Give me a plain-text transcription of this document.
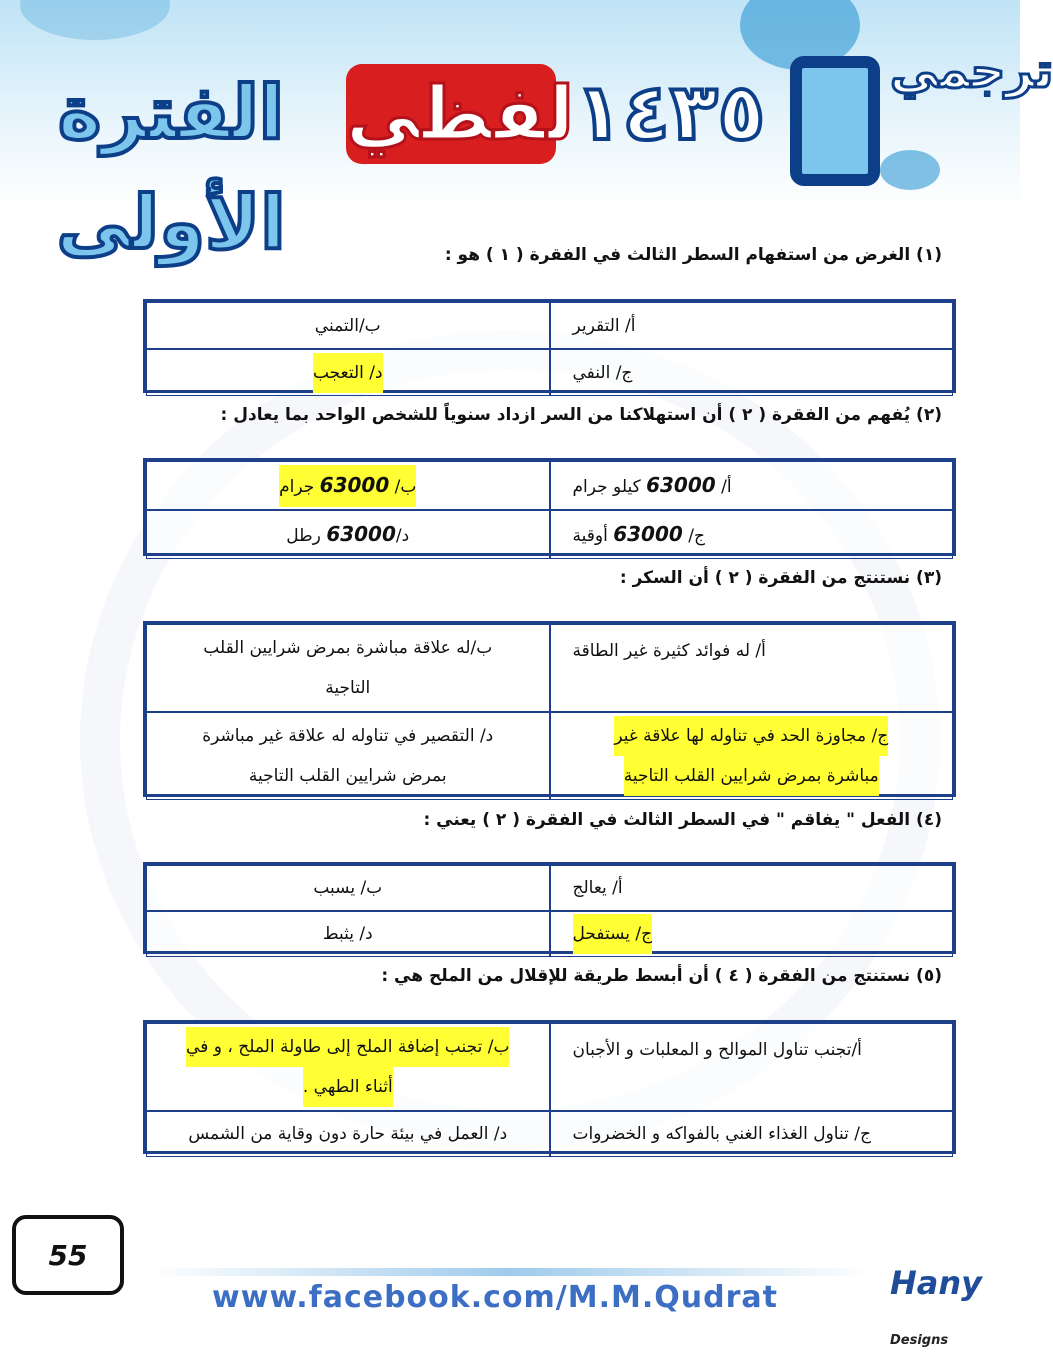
الفترة الأولى
لفظي ١٤٣٥	ترجمي
(١) الغرض من استفهام السطر الثالث في الفقرة ( ١ ) هو :
أ/ التقرير
ب/التمني
ج/ النفي
د/ التعجب
(٢) يُفهم من الفقرة ( ٢ ) أن استهلاكنا من السر ازداد سنوياً للشخص الواحد بما يعادل :
أ/ 63000 كيلو جرام
ب/ 63000 جرام
ج/ 63000 أوقية
د/63000 رطل
(٣) نستنتج من الفقرة ( ٢ ) أن السكر :
أ/ له فوائد كثيرة غير الطاقة
ب/له علاقة مباشرة بمرض شرايين القلب
التاجية
ج/ مجاوزة الحد في تناوله لها علاقة غير
مباشرة بمرض شرايين القلب التاجية
د/ التقصير في تناوله له علاقة غير مباشرة
بمرض شرايين القلب التاجية
(٤) الفعل " يفاقم " في السطر الثالث في الفقرة ( ٢ ) يعني :
أ/ يعالج
ب/ يسبب
ج/ يستفحل
د/ يثبط
(٥) نستنتج من الفقرة ( ٤ ) أن أبسط طريقة للإقلال من الملح هي :
أ/تجنب تناول الموالح و المعلبات و الأجبان
ب/ تجنب إضافة الملح إلى طاولة الملح ، و في
أثناء الطهي .
ج/ تناول الغذاء الغني بالفواكه و الخضروات
د/ العمل في بيئة حارة دون وقاية من الشمس
55
www.facebook.com/M.M.Qudrat	Hany Designs
